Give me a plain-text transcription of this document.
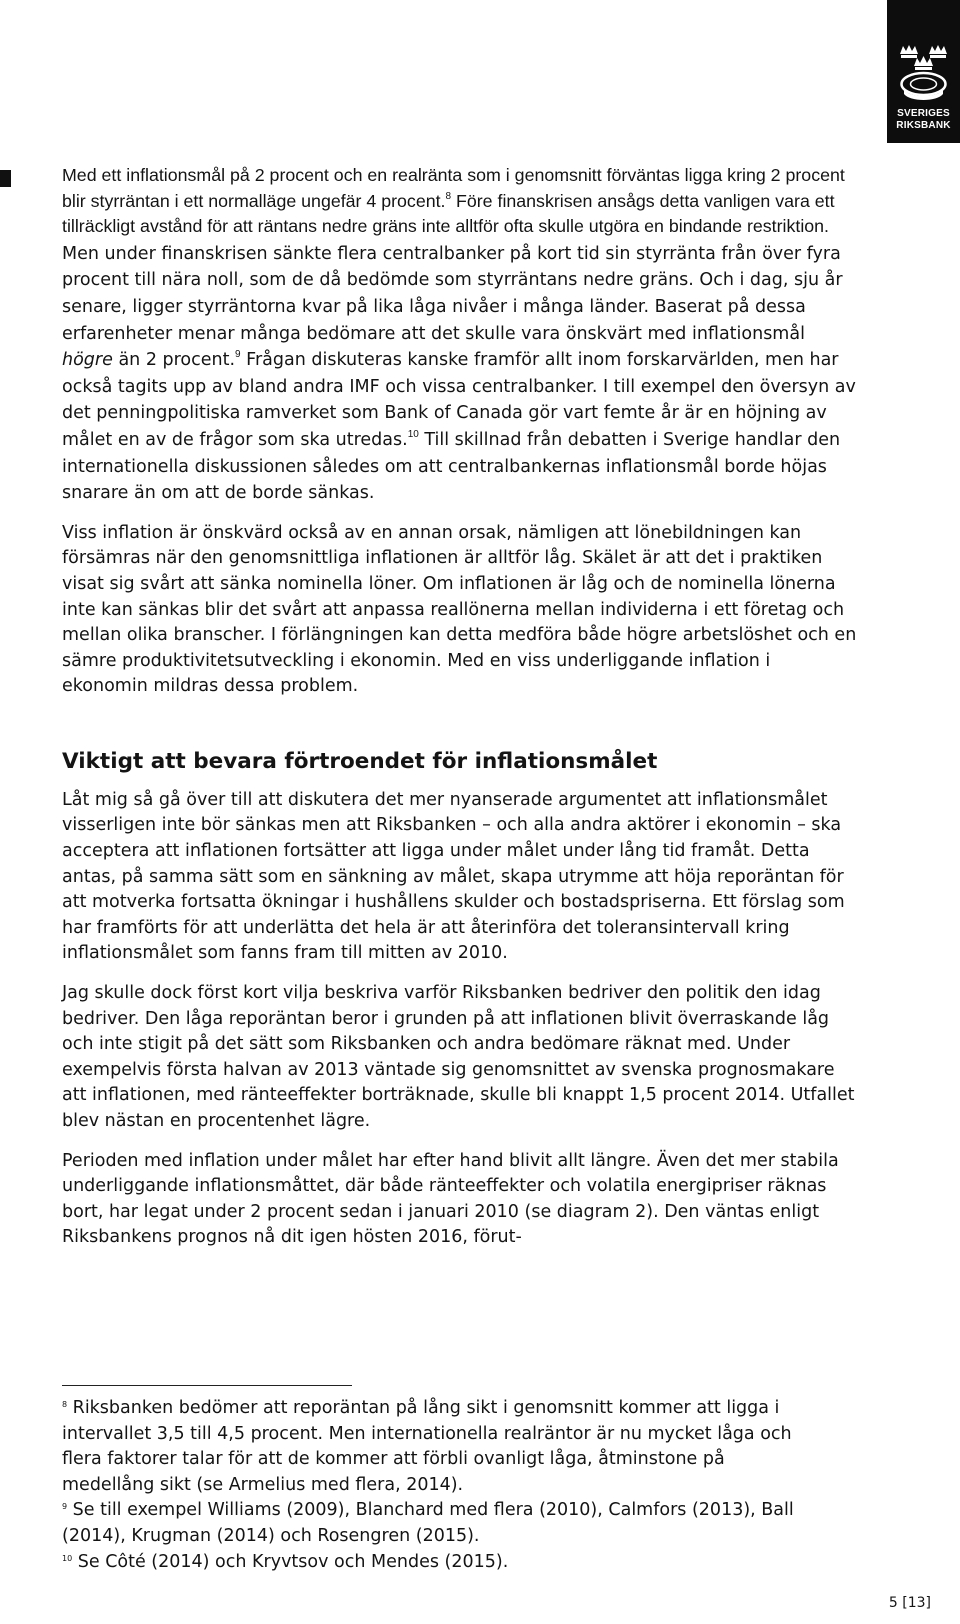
SVERIGES
RIKSBANK

Med ett inflationsmål på 2 procent och en realränta som i genomsnitt förväntas ligga kring 2 procent blir styrräntan i ett normalläge ungefär 4 procent.$^8$ Före finanskrisen ansågs detta vanligen vara ett tillräckligt avstånd för att räntans nedre gräns inte alltför ofta skulle utgöra en bindande restriktion. Men under finanskrisen sänkte flera centralbanker på kort tid sin styrränta från över fyra procent till nära noll, som de då bedömde som styrräntans nedre gräns. Och i dag, sju år senare, ligger styrräntorna kvar på lika låga nivåer i många länder. Baserat på dessa erfarenheter menar många bedömare att det skulle vara önskvärt med inflationsmål högre än 2 procent.$^9$ Frågan diskuteras kanske framför allt inom forskarvärlden, men har också tagits upp av bland andra IMF och vissa centralbanker. I till exempel den översyn av det penningpolitiska ramverket som Bank of Canada gör vart femte år är en höjning av målet en av de frågor som ska utredas.$^{10}$ Till skillnad från debatten i Sverige handlar den internationella diskussionen således om att centralbankernas inflationsmål borde höjas snarare än om att de borde sänkas.

Viss inflation är önskvärd också av en annan orsak, nämligen att lönebildningen kan försämras när den genomsnittliga inflationen är alltför låg. Skälet är att det i praktiken visat sig svårt att sänka nominella löner. Om inflationen är låg och de nominella lönerna inte kan sänkas blir det svårt att anpassa reallönerna mellan individerna i ett företag och mellan olika branscher. I förlängningen kan detta medföra både högre arbetslöshet och en sämre produktivitetsutveckling i ekonomin. Med en viss underliggande inflation i ekonomin mildras dessa problem.

Viktigt att bevara förtroendet för inflationsmålet

Låt mig så gå över till att diskutera det mer nyanserade argumentet att inflationsmålet visserligen inte bör sänkas men att Riksbanken – och alla andra aktörer i ekonomin – ska acceptera att inflationen fortsätter att ligga under målet under lång tid framåt. Detta antas, på samma sätt som en sänkning av målet, skapa utrymme att höja reporäntan för att motverka fortsatta ökningar i hushållens skulder och bostadspriserna. Ett förslag som har framförts för att underlätta det hela är att återinföra det toleransintervall kring inflationsmålet som fanns fram till mitten av 2010.

Jag skulle dock först kort vilja beskriva varför Riksbanken bedriver den politik den idag bedriver. Den låga reporäntan beror i grunden på att inflationen blivit överraskande låg och inte stigit på det sätt som Riksbanken och andra bedömare räknat med. Under exempelvis första halvan av 2013 väntade sig genomsnittet av svenska prognosmakare att inflationen, med ränteeffekter borträknade, skulle bli knappt 1,5 procent 2014. Utfallet blev nästan en procentenhet lägre.

Perioden med inflation under målet har efter hand blivit allt längre. Även det mer stabila underliggande inflationsmåttet, där både ränteeffekter och volatila energipriser räknas bort, har legat under 2 procent sedan i januari 2010 (se diagram 2). Den väntas enligt Riksbankens prognos nå dit igen hösten 2016, förut-

$^8$ Riksbanken bedömer att reporäntan på lång sikt i genomsnitt kommer att ligga i intervallet 3,5 till 4,5 procent. Men internationella realräntor är nu mycket låga och flera faktorer talar för att de kommer att förbli ovanligt låga, åtminstone på medellång sikt (se Armelius med flera, 2014).

$^9$ Se till exempel Williams (2009), Blanchard med flera (2010), Calmfors (2013), Ball (2014), Krugman (2014) och Rosengren (2015).

$^{10}$ Se Côté (2014) och Kryvtsov och Mendes (2015).

5 [13]
